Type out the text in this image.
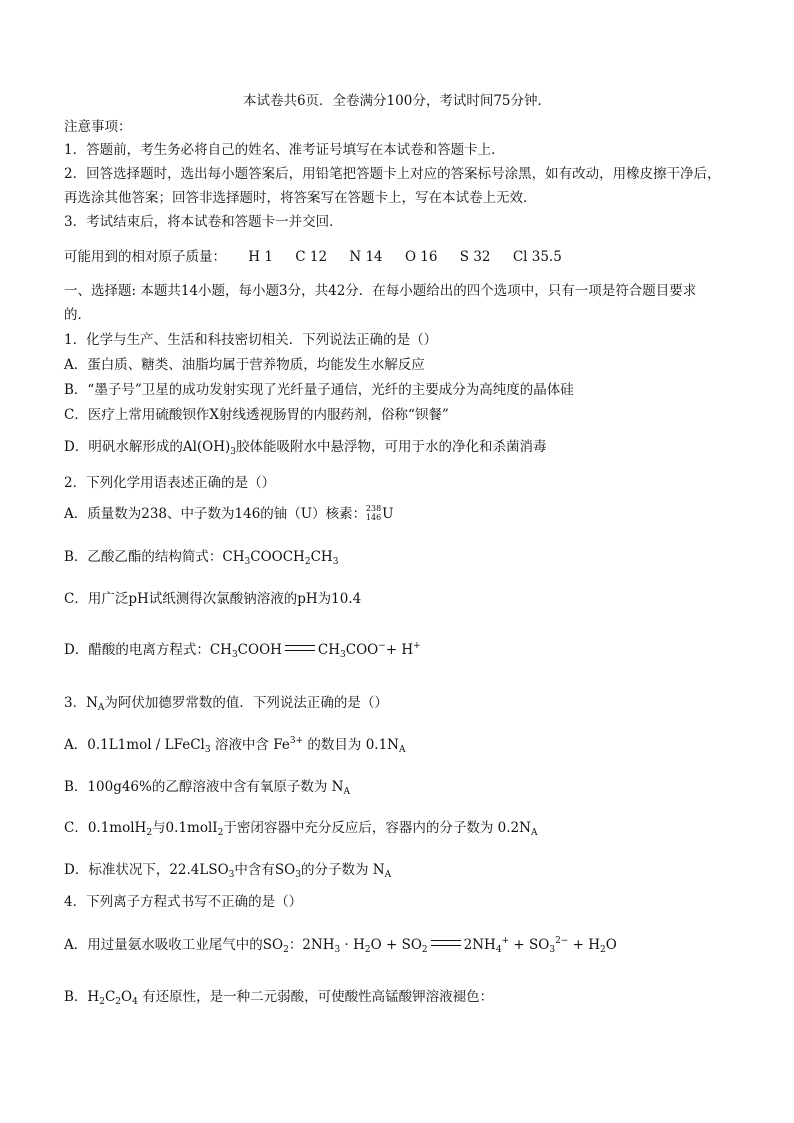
本试卷共6页．全卷满分100分，考试时间75分钟．
注意事项：
1．答题前，考生务必将自己的姓名、准考证号填写在本试卷和答题卡上．
2．回答选择题时，选出每小题答案后，用铅笔把答题卡上对应的答案标号涂黑，如有改动，用橡皮擦干净后，
再选涂其他答案；回答非选择题时，将答案写在答题卡上，写在本试卷上无效．
3．考试结束后，将本试卷和答题卡一并交回．
可能用到的相对原子质量： H 1 C 12 N 14 O 16 S 32 Cl 35.5
一、选择题: 本题共14小题，每小题3分，共42分．在每小题给出的四个选项中，只有一项是符合题目要求
的．
1．化学与生产、生活和科技密切相关．下列说法正确的是（）
A．蛋白质、糖类、油脂均属于营养物质，均能发生水解反应
B．“墨子号”卫星的成功发射实现了光纤量子通信，光纤的主要成分为高纯度的晶体硅
C．医疗上常用硫酸钡作X射线透视肠胃的内服药剂，俗称“钡餐”
D．明矾水解形成的$Al(OH)_3$胶体能吸附水中悬浮物，可用于水的净化和杀菌消毒
2．下列化学用语表述正确的是（）
A．质量数为238、中子数为146的铀（U）核素： 238
146 U
B．乙酸乙酯的结构简式：$CH_3COOCH_2CH_3$
C．用广泛pH试纸测得次氯酸钠溶液的pH为10.4
D．醋酸的电离方程式：$CH_3COOH$	$CH_3COO^-+ H^+$
3．$N_A$为阿伏加德罗常数的值．下列说法正确的是（）
A．0.1L1mol / LFeCl$_3$ 溶液中含 $Fe^{3+}$ 的数目为 $0.1N_A$
B．100g46%的乙醇溶液中含有氧原子数为 $N_A$
C．0.1molH$_2$与0.1molI$_2$于密闭容器中充分反应后，容器内的分子数为 $0.2N_A$
D．标准状况下，$22.4LSO_3$中含有$SO_3$的分子数为 $N_A$
4．下列离子方程式书写不正确的是（）
A．用过量氨水吸收工业尾气中的$SO_2$：$2NH_3 \cdot H_2O + SO_2$	$2NH_4^+ + SO_3^{2-} + H_2O$
B．$H_2C_2O_4$ 有还原性，是一种二元弱酸，可使酸性高锰酸钾溶液褪色：
